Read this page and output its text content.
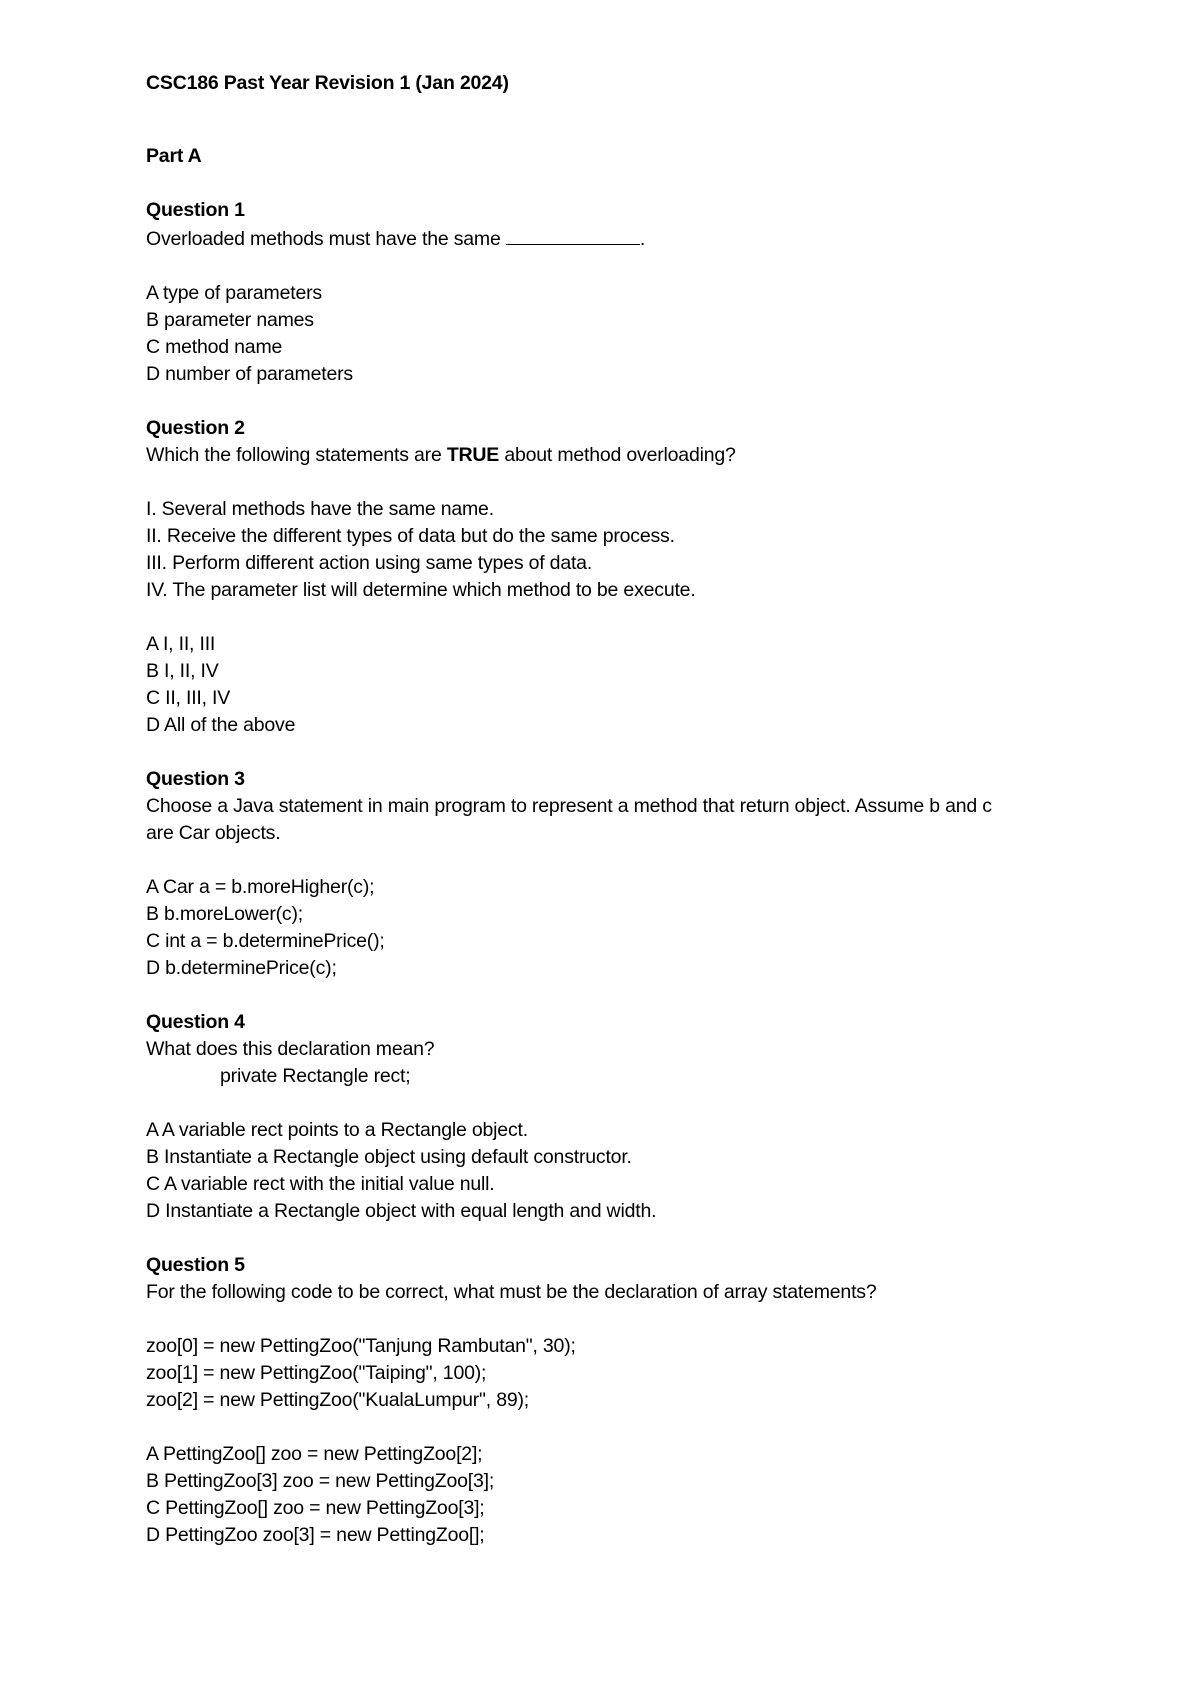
CSC186 Past Year Revision 1 (Jan 2024)
Part A
Question 1
Overloaded methods must have the same	.
A type of parameters
B parameter names
C method name
D number of parameters
Question 2
Which the following statements are TRUE about method overloading?
I. Several methods have the same name.
II. Receive the different types of data but do the same process.
III. Perform different action using same types of data.
IV. The parameter list will determine which method to be execute.
A I, II, III
B I, II, IV
C II, III, IV
D All of the above
Question 3
Choose a Java statement in main program to represent a method that return object. Assume b and c
are Car objects.
A Car a = b.moreHigher(c);
B b.moreLower(c);
C int a = b.determinePrice();
D b.determinePrice(c);
Question 4
What does this declaration mean?
private Rectangle rect;
A A variable rect points to a Rectangle object.
B Instantiate a Rectangle object using default constructor.
C A variable rect with the initial value null.
D Instantiate a Rectangle object with equal length and width.
Question 5
For the following code to be correct, what must be the declaration of array statements?
zoo[0] = new PettingZoo("Tanjung Rambutan", 30);
zoo[1] = new PettingZoo("Taiping", 100);
zoo[2] = new PettingZoo("KualaLumpur", 89);
A PettingZoo[] zoo = new PettingZoo[2];
B PettingZoo[3] zoo = new PettingZoo[3];
C PettingZoo[] zoo = new PettingZoo[3];
D PettingZoo zoo[3] = new PettingZoo[];
